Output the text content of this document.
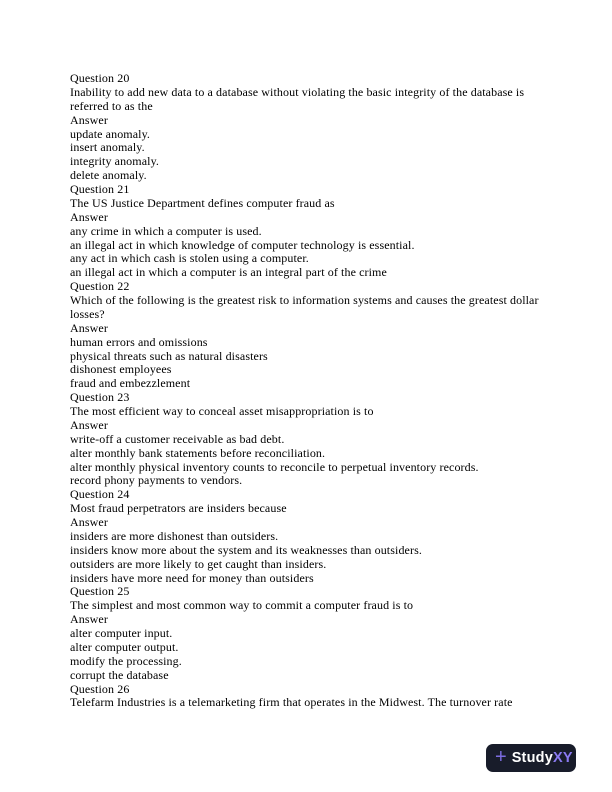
Question 20
Inability to add new data to a database without violating the basic integrity of the database is
referred to as the
Answer
update anomaly.
insert anomaly.
integrity anomaly.
delete anomaly.
Question 21
The US Justice Department defines computer fraud as
Answer
any crime in which a computer is used.
an illegal act in which knowledge of computer technology is essential.
any act in which cash is stolen using a computer.
an illegal act in which a computer is an integral part of the crime
Question 22
Which of the following is the greatest risk to information systems and causes the greatest dollar
losses?
Answer
human errors and omissions
physical threats such as natural disasters
dishonest employees
fraud and embezzlement
Question 23
The most efficient way to conceal asset misappropriation is to
Answer
write-off a customer receivable as bad debt.
alter monthly bank statements before reconciliation.
alter monthly physical inventory counts to reconcile to perpetual inventory records.
record phony payments to vendors.
Question 24
Most fraud perpetrators are insiders because
Answer
insiders are more dishonest than outsiders.
insiders know more about the system and its weaknesses than outsiders.
outsiders are more likely to get caught than insiders.
insiders have more need for money than outsiders
Question 25
The simplest and most common way to commit a computer fraud is to
Answer
alter computer input.
alter computer output.
modify the processing.
corrupt the database
Question 26
Telefarm Industries is a telemarketing firm that operates in the Midwest. The turnover rate
+ StudyXY
